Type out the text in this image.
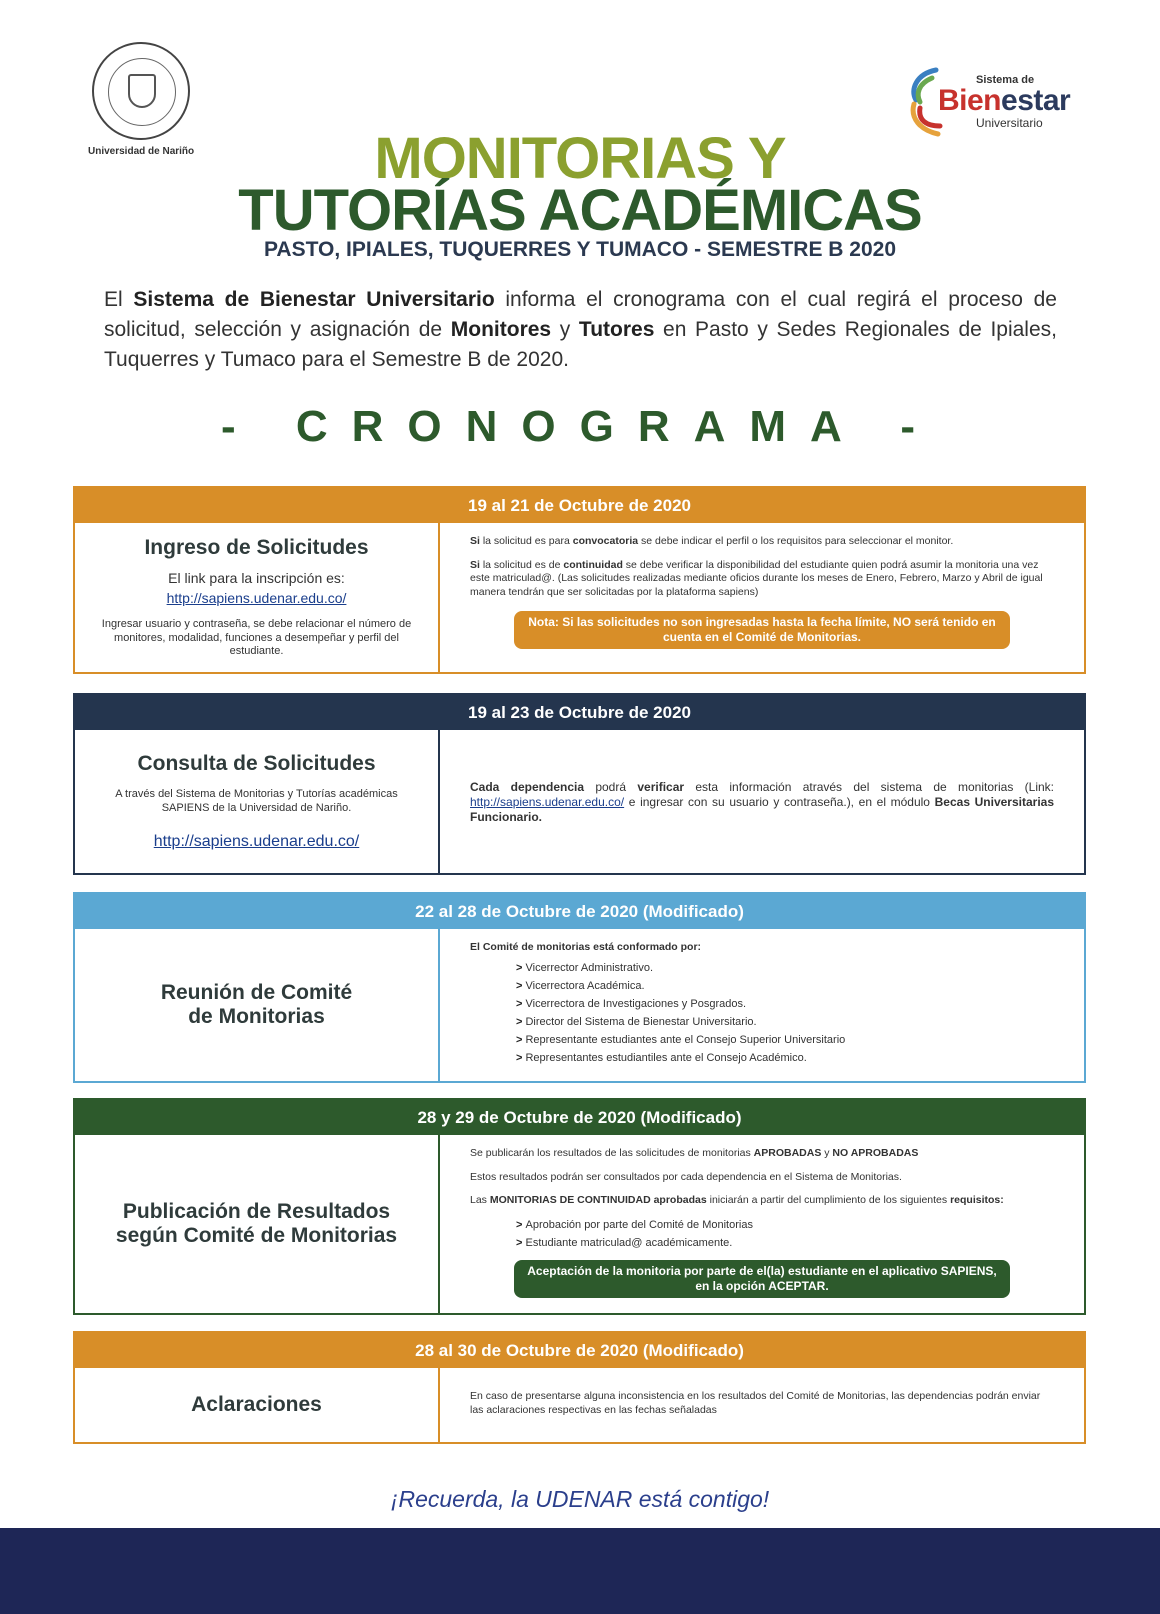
Universidad de Nariño
Sistema de
Bienestar
Universitario
MONITORIAS Y
TUTORÍAS ACADÉMICAS
PASTO, IPIALES, TUQUERRES Y TUMACO - SEMESTRE B 2020

El Sistema de Bienestar Universitario informa el cronograma con el cual regirá el proceso de solicitud, selección y asignación de Monitores y Tutores en Pasto y Sedes Regionales de Ipiales, Tuquerres y Tumaco para el Semestre B de 2020.

- CRONOGRAMA -
19 al 21 de Octubre de 2020
Ingreso de Solicitudes
El link para la inscripción es:
http://sapiens.udenar.edu.co/
Ingresar usuario y contraseña, se debe relacionar el número de monitores, modalidad, funciones a desempeñar y perfil del estudiante.

Si la solicitud es para convocatoria se debe indicar el perfil o los requisitos para seleccionar el monitor.

Si la solicitud es de continuidad se debe verificar la disponibilidad del estudiante quien podrá asumir la monitoria una vez este matriculad@. (Las solicitudes realizadas mediante oficios durante los meses de Enero, Febrero, Marzo y Abril de igual manera tendrán que ser solicitadas por la plataforma sapiens)

Nota: Si las solicitudes no son ingresadas hasta la fecha límite, NO será tenido en cuenta en el Comité de Monitorias.
19 al 23 de Octubre de 2020
Consulta de Solicitudes
A través del Sistema de Monitorias y Tutorías académicas SAPIENS de la Universidad de Nariño.
http://sapiens.udenar.edu.co/

Cada dependencia podrá verificar esta información através del sistema de monitorias (Link: http://sapiens.udenar.edu.co/ e ingresar con su usuario y contraseña.), en el módulo Becas Universitarias Funcionario.

22 al 28 de Octubre de 2020 (Modificado)
Reunión de Comité de Monitorias

El Comité de monitorias está conformado por:

> Vicerrector Administrativo.
> Vicerrectora Académica.
> Vicerrectora de Investigaciones y Posgrados.
> Director del Sistema de Bienestar Universitario.
> Representante estudiantes ante el Consejo Superior Universitario
> Representantes estudiantiles ante el Consejo Académico.
28 y 29 de Octubre de 2020 (Modificado)
Publicación de Resultados según Comité de Monitorias

Se publicarán los resultados de las solicitudes de monitorias APROBADAS y NO APROBADAS

Estos resultados podrán ser consultados por cada dependencia en el Sistema de Monitorias.

Las MONITORIAS DE CONTINUIDAD aprobadas iniciarán a partir del cumplimiento de los siguientes requisitos:

> Aprobación por parte del Comité de Monitorias
> Estudiante matriculad@ académicamente.
Aceptación de la monitoria por parte de el(la) estudiante en el aplicativo SAPIENS, en la opción ACEPTAR.
28 al 30 de Octubre de 2020 (Modificado)
Aclaraciones	En caso de presentarse alguna inconsistencia en los resultados del Comité de Monitorias, las dependencias podrán enviar las aclaraciones respectivas en las fechas señaladas

¡Recuerda, la UDENAR está contigo!
